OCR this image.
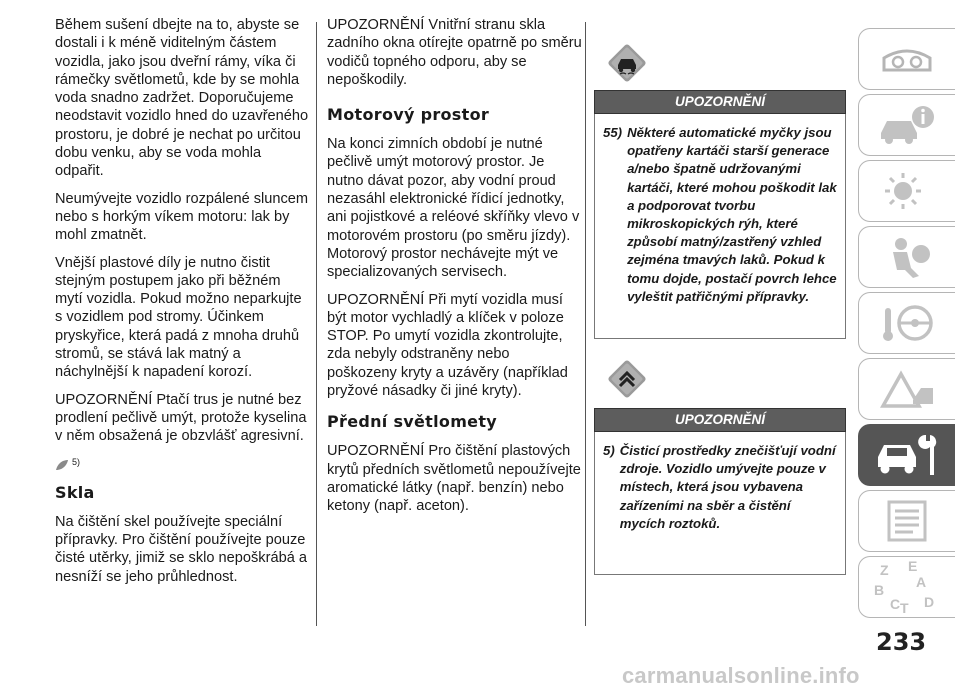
Během sušení dbejte na to, abyste se dostali i k méně viditelným částem vozidla, jako jsou dveřní rámy, víka či rámečky světlometů, kde by se mohla voda snadno zadržet. Doporučujeme neodstavit vozidlo hned do uzavřeného prostoru, je dobré je nechat po určitou dobu venku, aby se voda mohla odpařit.

Neumývejte vozidlo rozpálené sluncem nebo s horkým víkem motoru: lak by mohl zmatnět.

Vnější plastové díly je nutno čistit stejným postupem jako při běžném mytí vozidla. Pokud možno neparkujte s vozidlem pod stromy. Účinkem pryskyřice, která padá z mnoha druhů stromů, se stává lak matný a náchylnější k napadení korozí.

UPOZORNĚNÍ Ptačí trus je nutné bez prodlení pečlivě umýt, protože kyselina v něm obsažená je obzvlášť agresivní.

5)
Skla

Na čištění skel používejte speciální přípravky. Pro čištění používejte pouze čisté utěrky, jimiž se sklo nepoškrábá a nesníží se jeho průhlednost.

UPOZORNĚNÍ Vnitřní stranu skla zadního okna otírejte opatrně po směru vodičů topného odporu, aby se nepoškodily.

Motorový prostor

Na konci zimních období je nutné pečlivě umýt motorový prostor. Je nutno dávat pozor, aby vodní proud nezasáhl elektronické řídicí jednotky, ani pojistkové a reléové skříňky vlevo v motorovém prostoru (po směru jízdy). Motorový prostor nechávejte mýt ve specializovaných servisech.

UPOZORNĚNÍ Při mytí vozidla musí být motor vychladlý a klíček v poloze STOP. Po umytí vozidla zkontrolujte, zda nebyly odstraněny nebo poškozeny kryty a uzávěry (například pryžové násadky či jiné kryty).

Přední světlomety

UPOZORNĚNÍ Pro čištění plastových krytů předních světlometů nepoužívejte aromatické látky (např. benzín) nebo ketony (např. aceton).

UPOZORNĚNÍ
55) Některé automatické myčky jsou opatřeny kartáči starší generace a/nebo špatně udržovanými kartáči, které mohou poškodit lak a podporovat tvorbu mikroskopických rýh, které způsobí matný/zastřený vzhled zejména tmavých laků. Pokud k tomu dojde, postačí povrch lehce vyleštit patřičnými přípravky.
UPOZORNĚNÍ
5) Čisticí prostředky znečišťují vodní zdroje. Vozidlo umývejte pouze v místech, která jsou vybavena zařízeními na sběr a čistění mycích roztoků.
Z E
A
B
C D
T
233
carmanualsonline.info
